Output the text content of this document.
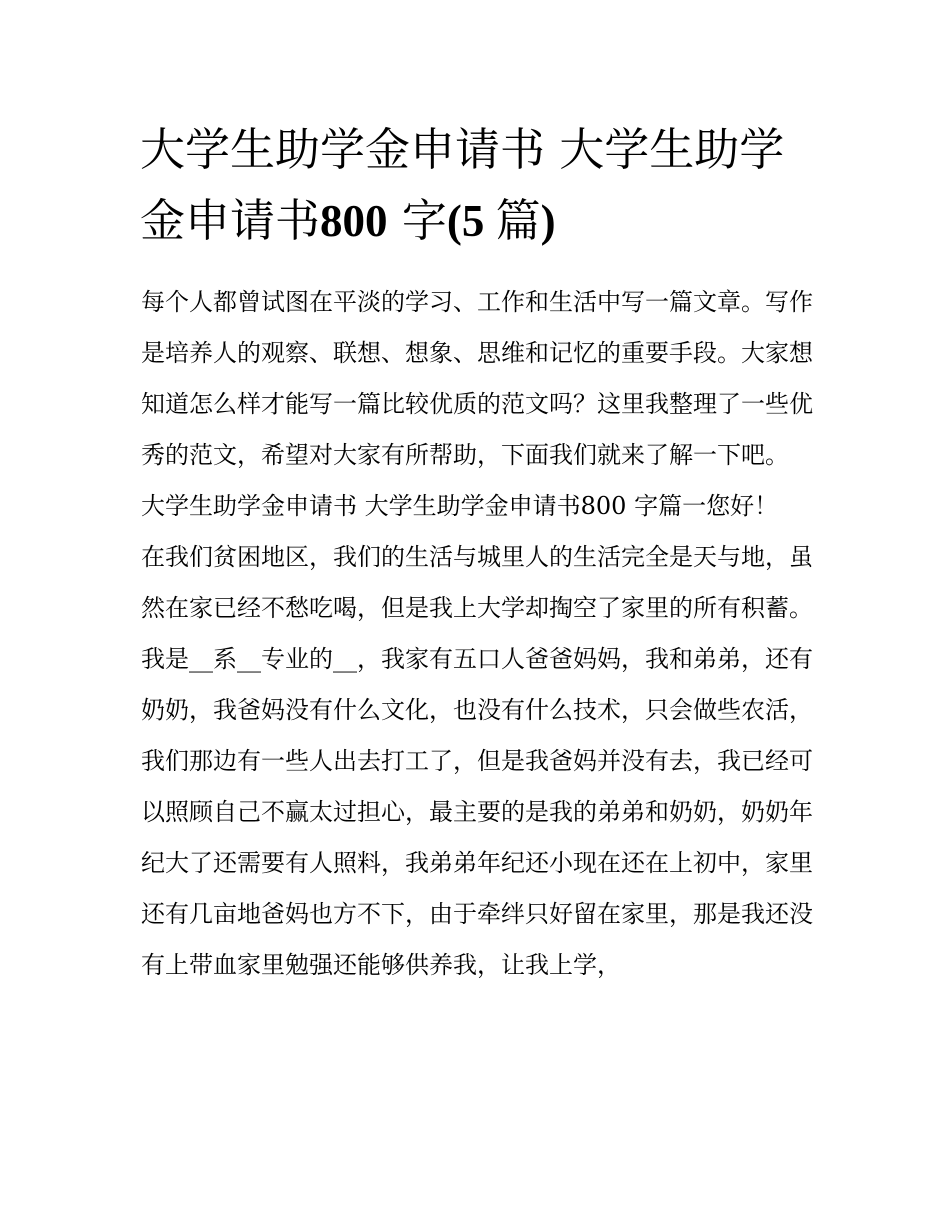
大学生助学金申请书 大学生助学金申请书800 字(5 篇)

每个人都曾试图在平淡的学习、工作和生活中写一篇文章。写作是培养人的观察、联想、想象、思维和记忆的重要手段。大家想知道怎么样才能写一篇比较优质的范文吗？这里我整理了一些优秀的范文，希望对大家有所帮助，下面我们就来了解一下吧。

大学生助学金申请书 大学生助学金申请书800 字篇一您好！

在我们贫困地区，我们的生活与城里人的生活完全是天与地，虽然在家已经不愁吃喝，但是我上大学却掏空了家里的所有积蓄。

我是__系__专业的__，我家有五口人爸爸妈妈，我和弟弟，还有奶奶，我爸妈没有什么文化，也没有什么技术，只会做些农活，我们那边有一些人出去打工了，但是我爸妈并没有去，我已经可以照顾自己不赢太过担心，最主要的是我的弟弟和奶奶，奶奶年纪大了还需要有人照料，我弟弟年纪还小现在还在上初中，家里还有几亩地爸妈也方不下，由于牵绊只好留在家里，那是我还没有上带血家里勉强还能够供养我，让我上学，
